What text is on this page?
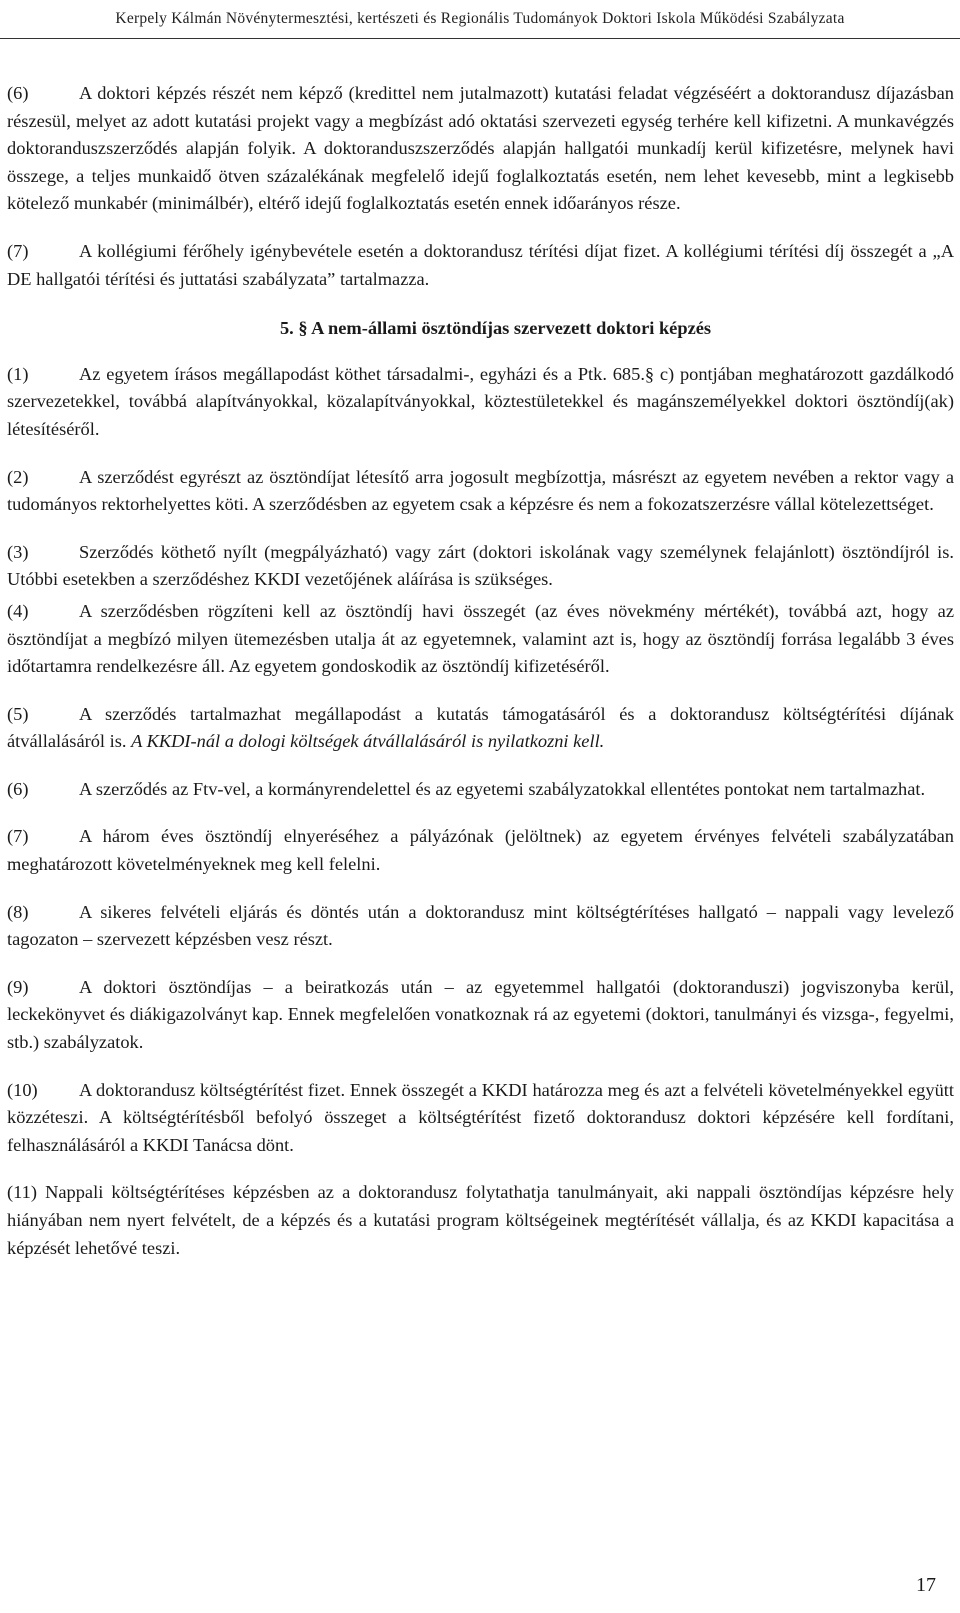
Kerpely Kálmán Növénytermesztési, kertészeti és Regionális Tudományok Doktori Iskola Működési Szabályzata

(6)	A doktori képzés részét nem képző (kredittel nem jutalmazott) kutatási feladat végzéséért a doktorandusz díjazásban részesül, melyet az adott kutatási projekt vagy a megbízást adó oktatási szervezeti egység terhére kell kifizetni. A munkavégzés doktoranduszszerződés alapján folyik. A doktoranduszszerződés alapján hallgatói munkadíj kerül kifizetésre, melynek havi összege, a teljes munkaidő ötven százalékának megfelelő idejű foglalkoztatás esetén, nem lehet kevesebb, mint a legkisebb kötelező munkabér (minimálbér), eltérő idejű foglalkoztatás esetén ennek időarányos része.

(7)	A kollégiumi férőhely igénybevétele esetén a doktorandusz térítési díjat fizet. A kollégiumi térítési díj összegét a „A DE hallgatói térítési és juttatási szabályzata” tartalmazza.

5. § A nem-állami ösztöndíjas szervezett doktori képzés

(1)	Az egyetem írásos megállapodást köthet társadalmi-, egyházi és a Ptk. 685.§ c) pontjában meghatározott gazdálkodó szervezetekkel, továbbá alapítványokkal, közalapítványokkal, köztestületekkel és magánszemélyekkel doktori ösztöndíj(ak) létesítéséről.

(2)	A szerződést egyrészt az ösztöndíjat létesítő arra jogosult megbízottja, másrészt az egyetem nevében a rektor vagy a tudományos rektorhelyettes köti. A szerződésben az egyetem csak a képzésre és nem a fokozatszerzésre vállal kötelezettséget.

(3)	Szerződés köthető nyílt (megpályázható) vagy zárt (doktori iskolának vagy személynek felajánlott) ösztöndíjról is. Utóbbi esetekben a szerződéshez KKDI vezetőjének aláírása is szükséges.

(4)	A szerződésben rögzíteni kell az ösztöndíj havi összegét (az éves növekmény mértékét), továbbá azt, hogy az ösztöndíjat a megbízó milyen ütemezésben utalja át az egyetemnek, valamint azt is, hogy az ösztöndíj forrása legalább 3 éves időtartamra rendelkezésre áll. Az egyetem gondoskodik az ösztöndíj kifizetéséről.

(5)	A szerződés tartalmazhat megállapodást a kutatás támogatásáról és a doktorandusz költségtérítési díjának átvállalásáról is. A KKDI-nál a dologi költségek átvállalásáról is nyilatkozni kell.

(6)	A szerződés az Ftv-vel, a kormányrendelettel és az egyetemi szabályzatokkal ellentétes pontokat nem tartalmazhat.

(7)	A három éves ösztöndíj elnyeréséhez a pályázónak (jelöltnek) az egyetem érvényes felvételi szabályzatában meghatározott követelményeknek meg kell felelni.

(8)	A sikeres felvételi eljárás és döntés után a doktorandusz mint költségtérítéses hallgató – nappali vagy levelező tagozaton – szervezett képzésben vesz részt.

(9)	A doktori ösztöndíjas – a beiratkozás után – az egyetemmel hallgatói (doktoranduszi) jogviszonyba kerül, leckekönyvet és diákigazolványt kap. Ennek megfelelően vonatkoznak rá az egyetemi (doktori, tanulmányi és vizsga-, fegyelmi, stb.) szabályzatok.

(10) A doktorandusz költségtérítést fizet. Ennek összegét a KKDI határozza meg és azt a felvételi követelményekkel együtt közzéteszi. A költségtérítésből befolyó összeget a költségtérítést fizető doktorandusz doktori képzésére kell fordítani, felhasználásáról a KKDI Tanácsa dönt.

(11) Nappali költségtérítéses képzésben az a doktorandusz folytathatja tanulmányait, aki nappali ösztöndíjas képzésre hely hiányában nem nyert felvételt, de a képzés és a kutatási program költségeinek megtérítését vállalja, és az KKDI kapacitása a képzését lehetővé teszi.

17
